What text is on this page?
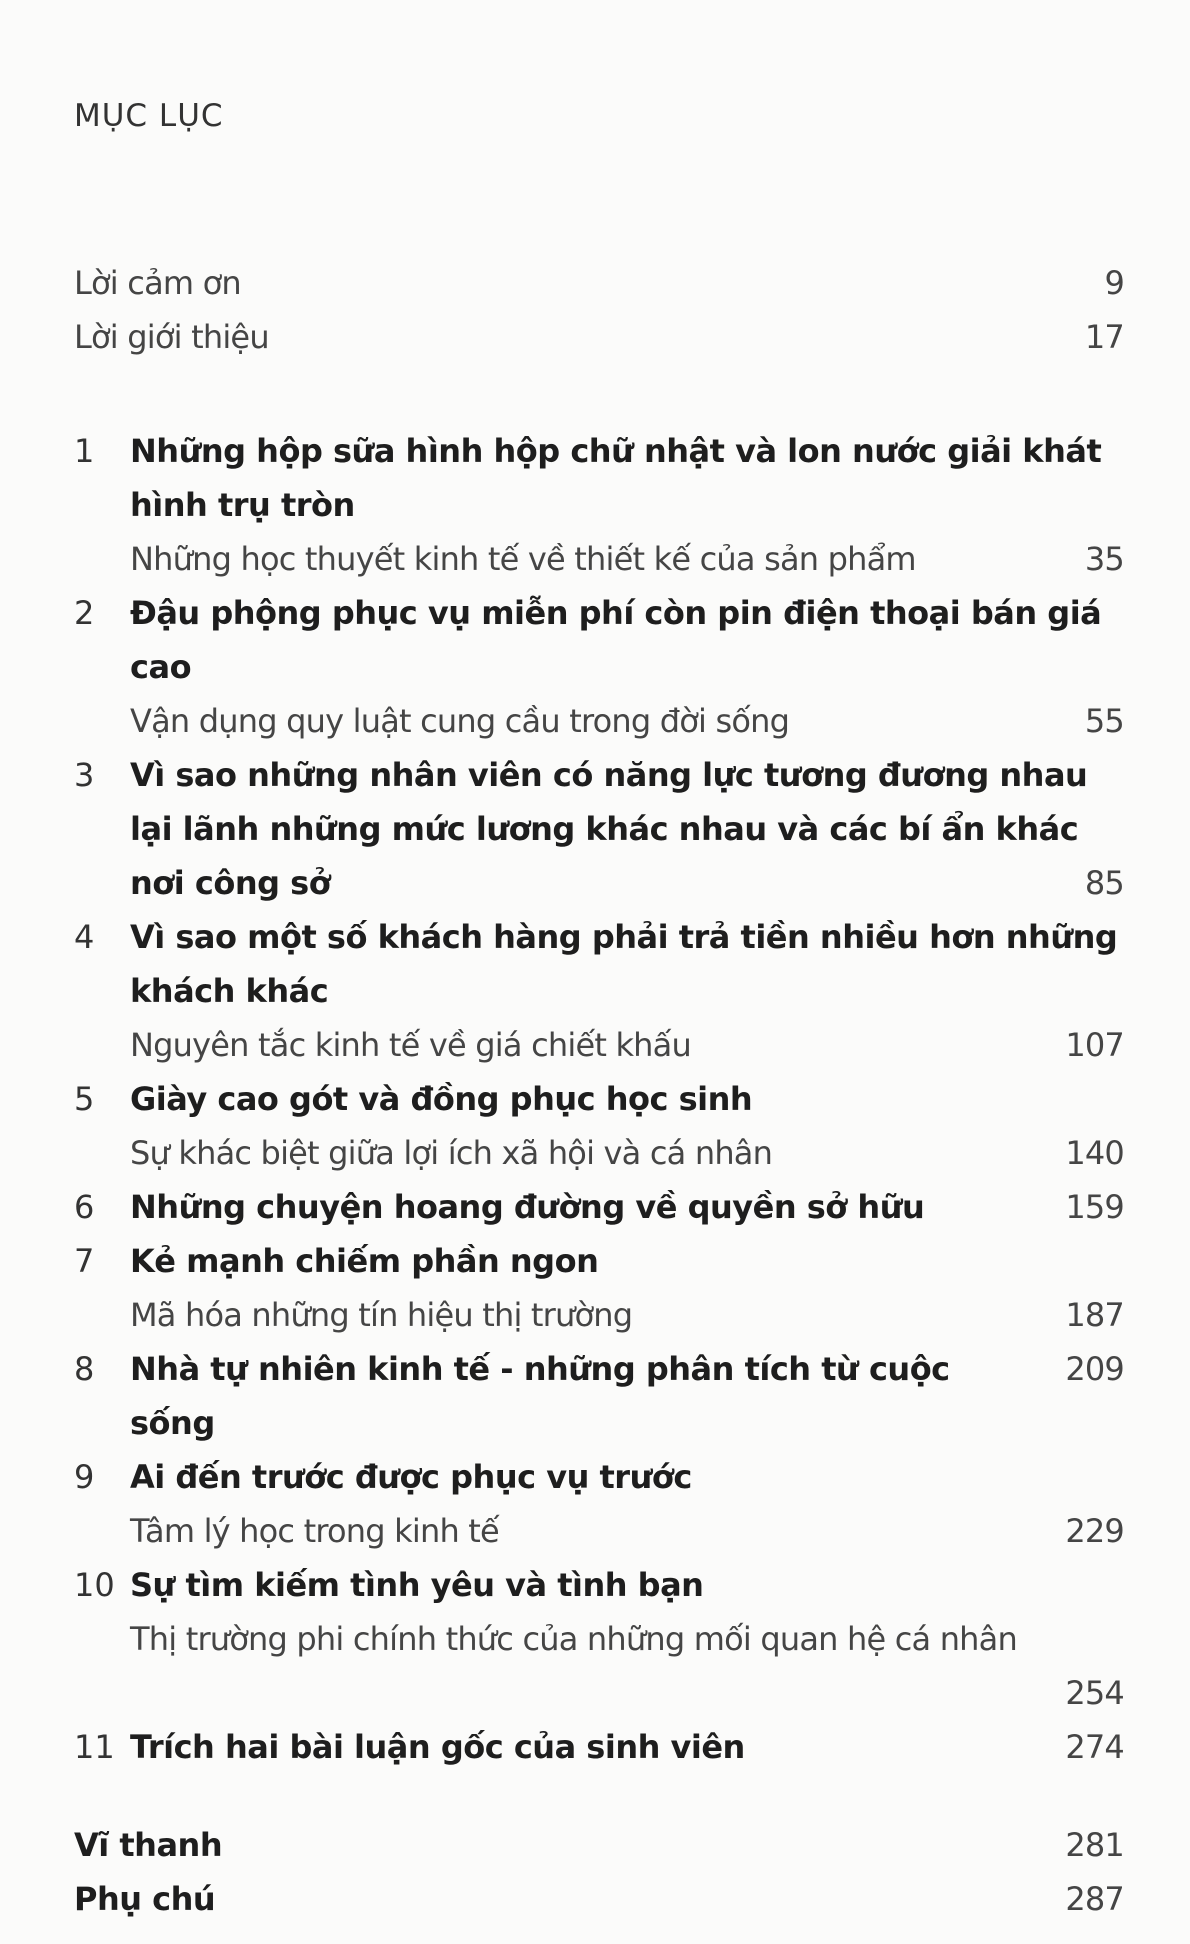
MỤC LỤC
Lời cảm ơn	9
Lời giới thiệu	17
1	Những hộp sữa hình hộp chữ nhật và lon nước giải khát
hình trụ tròn
Những học thuyết kinh tế về thiết kế của sản phẩm	35
2	Đậu phộng phục vụ miễn phí còn pin điện thoại bán giá
cao
Vận dụng quy luật cung cầu trong đời sống	55
3	Vì sao những nhân viên có năng lực tương đương nhau
lại lãnh những mức lương khác nhau và các bí ẩn khác
nơi công sở	85
4	Vì sao một số khách hàng phải trả tiền nhiều hơn những
khách khác
Nguyên tắc kinh tế về giá chiết khấu	107
5	Giày cao gót và đồng phục học sinh
Sự khác biệt giữa lợi ích xã hội và cá nhân	140
6	Những chuyện hoang đường về quyền sở hữu	159
7	Kẻ mạnh chiếm phần ngon
Mã hóa những tín hiệu thị trường	187
8	Nhà tự nhiên kinh tế - những phân tích từ cuộc sống
209
9	Ai đến trước được phục vụ trước
Tâm lý học trong kinh tế	229
10 Sự tìm kiếm tình yêu và tình bạn
Thị trường phi chính thức của những mối quan hệ cá nhân
254
11 Trích hai bài luận gốc của sinh viên	274
Vĩ thanh	281
Phụ chú	287
